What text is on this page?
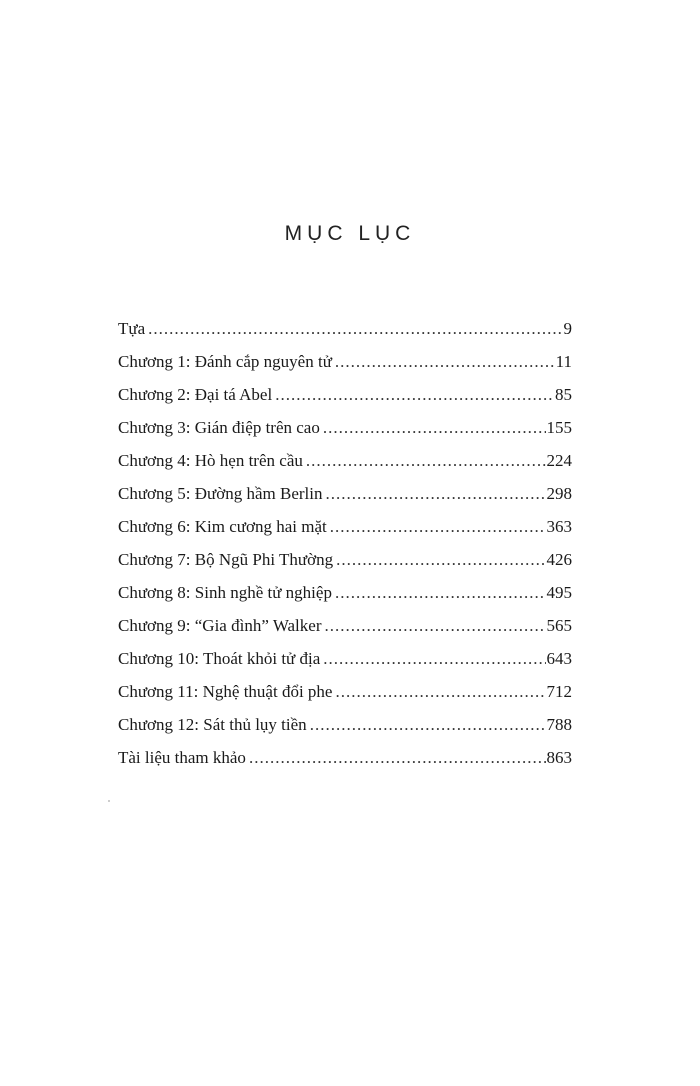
MỤC LỤC
Tựa .....	9
Chương 1: Đánh cắp nguyên tử .....	11
Chương 2: Đại tá Abel .....	85
Chương 3: Gián điệp trên cao .....	155
Chương 4: Hò hẹn trên cầu .....	224
Chương 5: Đường hầm Berlin .....	298
Chương 6: Kim cương hai mặt .....	363
Chương 7: Bộ Ngũ Phi Thường .....	426
Chương 8: Sinh nghề tử nghiệp .....	495
Chương 9: “Gia đình” Walker .....	565
Chương 10: Thoát khỏi tử địa .....	643
Chương 11: Nghệ thuật đổi phe .....	712
Chương 12: Sát thủ lụy tiền .....	788
Tài liệu tham khảo .....	863
